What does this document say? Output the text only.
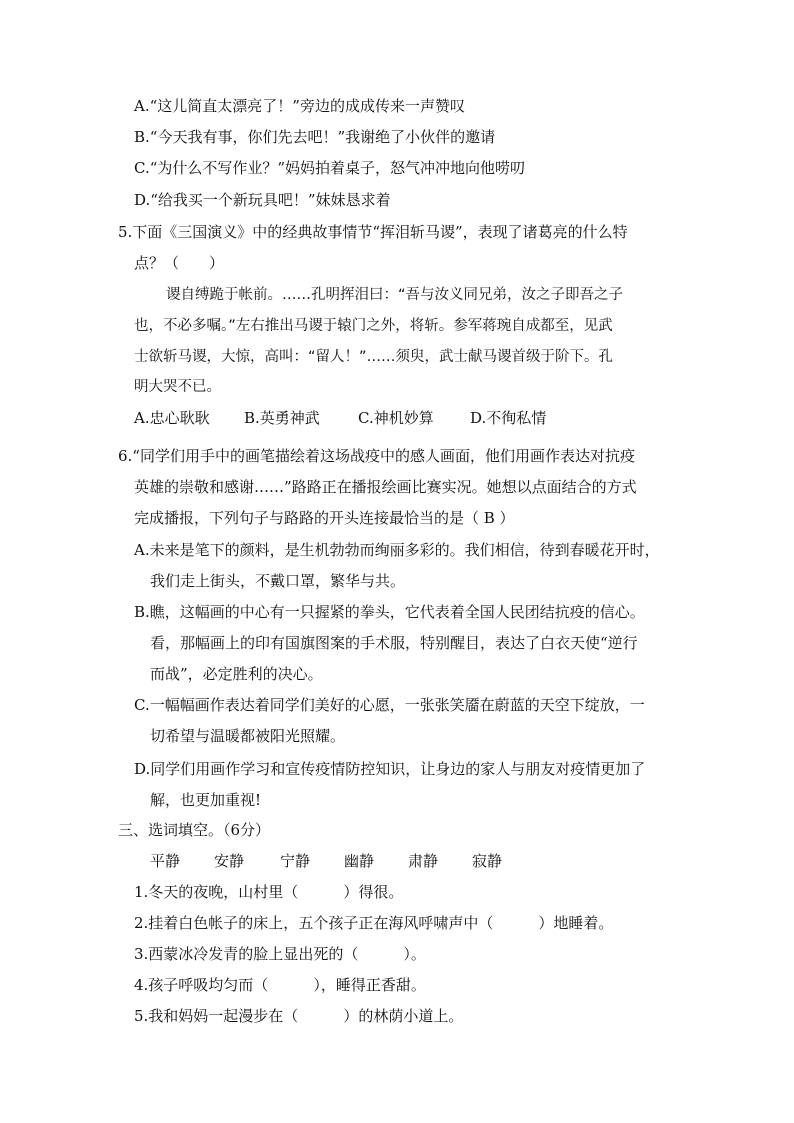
A.“这儿简直太漂亮了！”旁边的成成传来一声赞叹
B.“今天我有事，你们先去吧！”我谢绝了小伙伴的邀请
C.“为什么不写作业？”妈妈拍着桌子，怒气冲冲地向他唠叨
D.“给我买一个新玩具吧！”妹妹恳求着
5.下面《三国演义》中的经典故事情节“挥泪斩马谡”，表现了诸葛亮的什么特
点？（　　）
谡自缚跪于帐前。……孔明挥泪曰：“吾与汝义同兄弟，汝之子即吾之子
也，不必多嘱。”左右推出马谡于辕门之外，将斩。参军蒋琬自成都至，见武
士欲斩马谡，大惊，高叫：“留人！”……须臾，武士献马谡首级于阶下。孔
明大哭不已。
A.忠心耿耿 B.英勇神武	C.神机妙算 D.不徇私情
6.“同学们用手中的画笔描绘着这场战疫中的感人画面，他们用画作表达对抗疫
英雄的崇敬和感谢……”路路正在播报绘画比赛实况。她想以点面结合的方式
完成播报，下列句子与路路的开头连接最恰当的是（ B ）
A.未来是笔下的颜料，是生机勃勃而绚丽多彩的。我们相信，待到春暖花开时，
我们走上街头，不戴口罩，繁华与共。
B.瞧，这幅画的中心有一只握紧的拳头，它代表着全国人民团结抗疫的信心。
看，那幅画上的印有国旗图案的手术服，特别醒目，表达了白衣天使“逆行
而战”，必定胜利的决心。
C.一幅幅画作表达着同学们美好的心愿，一张张笑靥在蔚蓝的天空下绽放，一
切希望与温暖都被阳光照耀。
D.同学们用画作学习和宣传疫情防控知识，让身边的家人与朋友对疫情更加了
解，也更加重视!
三、选词填空。（6分）
平静 安静 宁静 幽静 肃静 寂静
1.冬天的夜晚，山村里（　　　）得很。
2.挂着白色帐子的床上，五个孩子正在海风呼啸声中（　　　）地睡着。
3.西蒙冰冷发青的脸上显出死的（　　　）。
4.孩子呼吸均匀而（　　　），睡得正香甜。
5.我和妈妈一起漫步在（　　　）的林荫小道上。
